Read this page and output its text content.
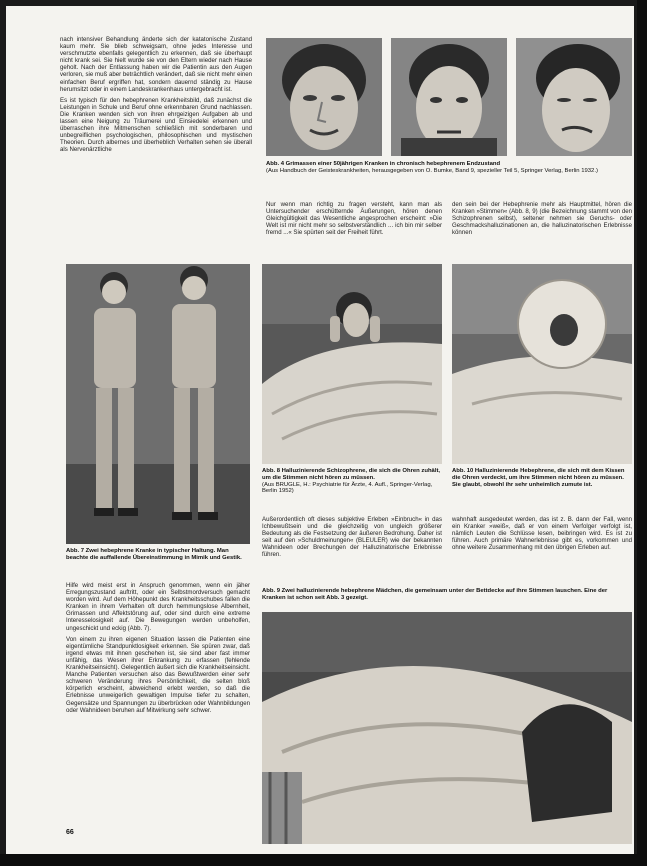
nach intensiver Behandlung änderte sich der katatonische Zustand kaum mehr. Sie blieb schweigsam, ohne jedes Interesse und verschmutzte ebenfalls gelegentlich zu erkennen, daß sie überhaupt nicht krank sei. Sie hielt wurde sie von den Eltern wieder nach Hause geholt. Nach der Entlassung haben wir die Patientin aus den Augen verloren, sie muß aber beträchtlich verändert, daß sie nicht mehr einen einfachen Beruf ergriffen hat, sondern dauernd ständig zu Hause herumsitzt oder in einem Landeskrankenhaus untergebracht ist.

Es ist typisch für den hebephrenen Krankheitsbild, daß zunächst die Leistungen in Schule und Beruf ohne erkennbaren Grund nachlassen. Die Kranken wenden sich von ihren ehrgeizigen Aufgaben ab und lassen eine Neigung zu Träumerei und Einsiedelei erkennen und überraschen ihre Mitmenschen schließlich mit sonderbaren und unbegreiflichen psychologischen, philosophischen und mystischen Theorien. Durch albernes und überheblich Verhalten sehen sie überall als Nervenärztliche

Abb. 4 Grimassen einer 50jährigen Kranken in chronisch hebephrenem Endzustand
(Aus Handbuch der Geisteskrankheiten, herausgegeben von O. Bumke, Band 9, spezieller Teil 5, Springer Verlag, Berlin 1932.)

Nur wenn man richtig zu fragen versteht, kann man als Untersuchender erschütternde Äußerungen, hören denen Gleichgültigkeit das Wesentliche angesprochen erscheint: »Die Welt ist mir nicht mehr so selbstverständlich ... ich bin mir selber fremd ...« Sie spürten seit der Freiheit führt.

den sein bei der Hebephrenie mehr als Hauptmittel, hören die Kranken »Stimmen« (Abb. 8, 9) (die Bezeichnung stammt von den Schizophrenen selbst), seltener nehmen sie Geruchs- oder Geschmackshalluzinationen an, die halluzinatorischen Erlebnisse können

Abb. 8 Halluzinierende Schizophrene, die sich die Ohren zuhält, um die Stimmen nicht hören zu müssen.
(Aus BRUGLE, H.: Psychiatrie für Ärzte, 4. Aufl., Springer-Verlag, Berlin 1952)
Abb. 10 Halluzinierende Hebephrene, die sich mit dem Kissen die Ohren verdeckt, um ihre Stimmen nicht hören zu müssen. Sie glaubt, obwohl ihr sehr unheimlich zumute ist.
Abb. 7 Zwei hebephrene Kranke in typischer Haltung. Man beachte die auffallende Übereinstimmung in Mimik und Gestik.

Außerordentlich oft dieses subjektive Erleben »Einbruch« in das Ichbewußtsein und die gleichzeitig von ungleich größerer Bedeutung als die Festsetzung der äußeren Bedrohung. Daher ist seit auf den »Schuldmeinungen« (BLEULER) wie der bekannten Wahnideen oder Brechungen der Halluzinatorische Erlebnisse führen.

wahnhaft ausgedeutet werden, das ist z. B. dann der Fall, wenn ein Kranker »weiß«, daß er von einem Verfolger verfolgt ist, nämlich Leuten die Schlüsse lesen, beibringen wird. Es ist zu führen. Auch primäre Wahnerlebnisse gibt es, vorkommen und ohne weitere Zusammenhang mit den übrigen Erleben auf.

Hilfe wird meist erst in Anspruch genommen, wenn ein jäher Erregungszustand auftritt, oder ein Selbstmordversuch gemacht worden wird. Auf dem Höhepunkt des Krankheitsschubes fallen die Kranken in ihrem Verhalten oft durch hemmungslose Albernheit, Grimassen und Affektstörung auf, oder sind durch eine extreme Interesselosigkeit auf. Die Bewegungen werden unbeholfen, ungeschickt und eckig (Abb. 7).

Von einem zu ihren eigenen Situation lassen die Patienten eine eigentümliche Standpunktlosigkeit erkennen. Sie spüren zwar, daß irgend etwas mit ihnen geschehen ist, sie sind aber fast immer unfähig, das Wesen ihrer Erkrankung zu erfassen (fehlende Krankheitseinsicht). Gelegentlich äußert sich die Krankheitseinsicht. Manche Patienten versuchen also das Bewußtwerden einer sehr schweren Veränderung ihres Persönlichkeit, die selten bloß körperlich erscheint, abweichend erlebt werden, so daß die Erlebnisse unweigerlich gewaltigen Impulse tiefer zu schalten, Gegensätze und Spannungen zu überbrücken oder Wahnbildungen oder Wahnideen beruhen auf Mitwirkung sehr schwer.

66
Abb. 9 Zwei halluzinierende hebephrene Mädchen, die gemeinsam unter der Bettdecke auf ihre Stimmen lauschen. Eine der Kranken ist schon seit Abb. 3 gezeigt.
